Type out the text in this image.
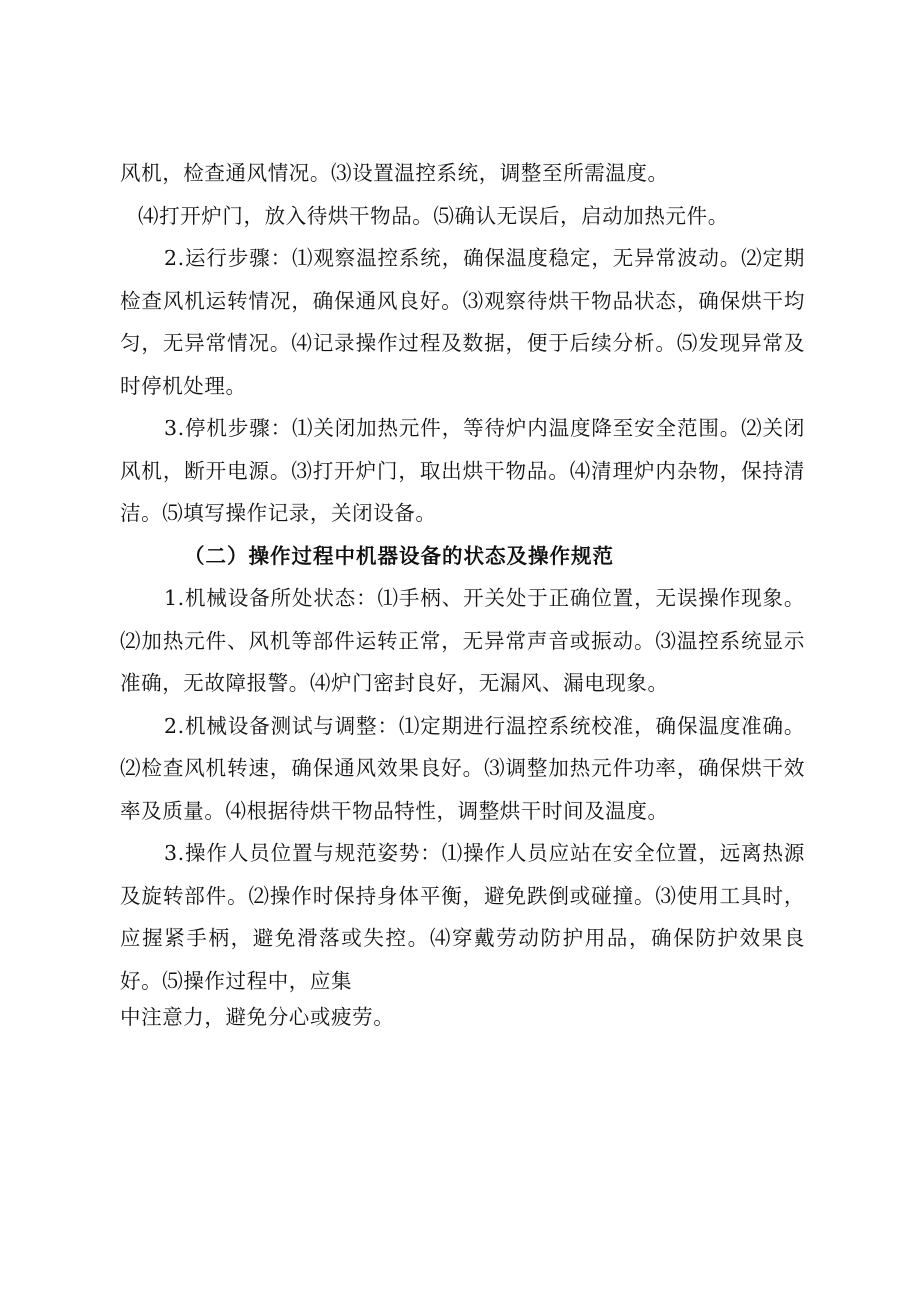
风机，检查通风情况。⑶设置温控系统，调整至所需温度。

⑷打开炉门，放入待烘干物品。⑸确认无误后，启动加热元件。

2.运行步骤：⑴观察温控系统，确保温度稳定，无异常波动。⑵定期检查风机运转情况，确保通风良好。⑶观察待烘干物品状态，确保烘干均匀，无异常情况。⑷记录操作过程及数据，便于后续分析。⑸发现异常及时停机处理。

3.停机步骤：⑴关闭加热元件，等待炉内温度降至安全范围。⑵关闭风机，断开电源。⑶打开炉门，取出烘干物品。⑷清理炉内杂物，保持清洁。⑸填写操作记录，关闭设备。

（二）操作过程中机器设备的状态及操作规范

1.机械设备所处状态：⑴手柄、开关处于正确位置，无误操作现象。⑵加热元件、风机等部件运转正常，无异常声音或振动。⑶温控系统显示准确，无故障报警。⑷炉门密封良好，无漏风、漏电现象。

2.机械设备测试与调整：⑴定期进行温控系统校准，确保温度准确。⑵检查风机转速，确保通风效果良好。⑶调整加热元件功率，确保烘干效率及质量。⑷根据待烘干物品特性，调整烘干时间及温度。

3.操作人员位置与规范姿势：⑴操作人员应站在安全位置，远离热源及旋转部件。⑵操作时保持身体平衡，避免跌倒或碰撞。⑶使用工具时，应握紧手柄，避免滑落或失控。⑷穿戴劳动防护用品，确保防护效果良好。⑸操作过程中，应集

中注意力，避免分心或疲劳。
